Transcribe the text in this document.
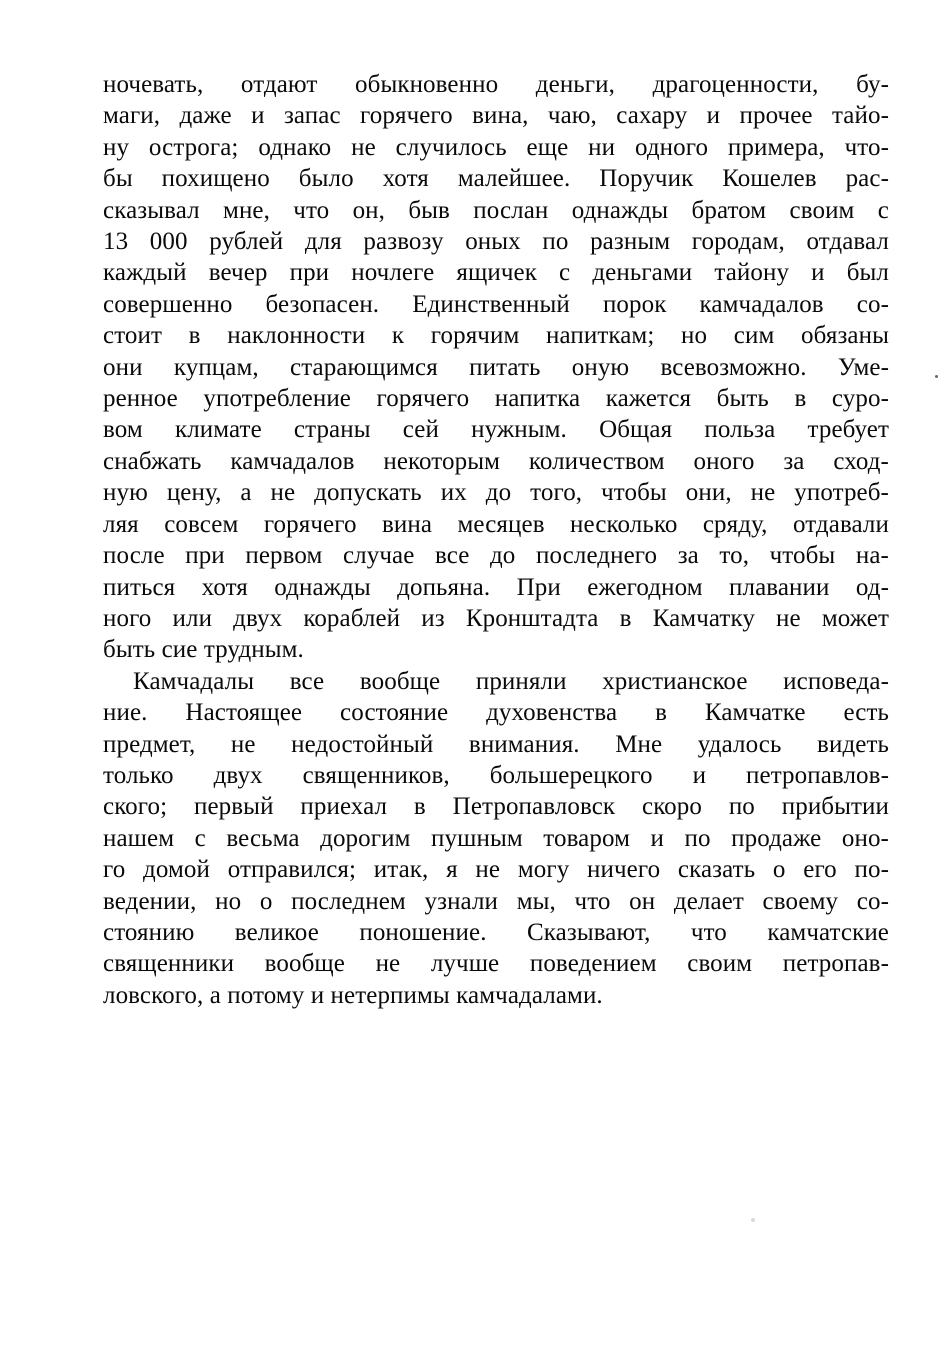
ночевать, отдают обыкновенно деньги, драгоценности, бу-
маги, даже и запас горячего вина, чаю, сахару и прочее тайо-
ну острога; однако не случилось еще ни одного примера, что-
бы похищено было хотя малейшее. Поручик Кошелев рас-
сказывал мне, что он, быв послан однажды братом своим с
13 000 рублей для развозу оных по разным городам, отдавал
каждый вечер при ночлеге ящичек с деньгами тайону и был
совершенно безопасен. Единственный порок камчадалов со-
стоит в наклонности к горячим напиткам; но сим обязаны
они купцам, старающимся питать оную всевозможно. Уме-
ренное употребление горячего напитка кажется быть в суро-
вом климате страны сей нужным. Общая польза требует
снабжать камчадалов некоторым количеством оного за сход-
ную цену, а не допускать их до того, чтобы они, не употреб-
ляя совсем горячего вина месяцев несколько сряду, отдавали
после при первом случае все до последнего за то, чтобы на-
питься хотя однажды допьяна. При ежегодном плавании од-
ного или двух кораблей из Кронштадта в Камчатку не может
быть сие трудным.

Камчадалы все вообще приняли христианское исповеда-
ние. Настоящее состояние духовенства в Камчатке есть
предмет, не недостойный внимания. Мне удалось видеть
только двух священников, большерецкого и петропавлов-
ского; первый приехал в Петропавловск скоро по прибытии
нашем с весьма дорогим пушным товаром и по продаже оно-
го домой отправился; итак, я не могу ничего сказать о его по-
ведении, но о последнем узнали мы, что он делает своему со-
стоянию великое поношение. Сказывают, что камчатские
священники вообще не лучше поведением своим петропав-
ловского, а потому и нетерпимы камчадалами.
